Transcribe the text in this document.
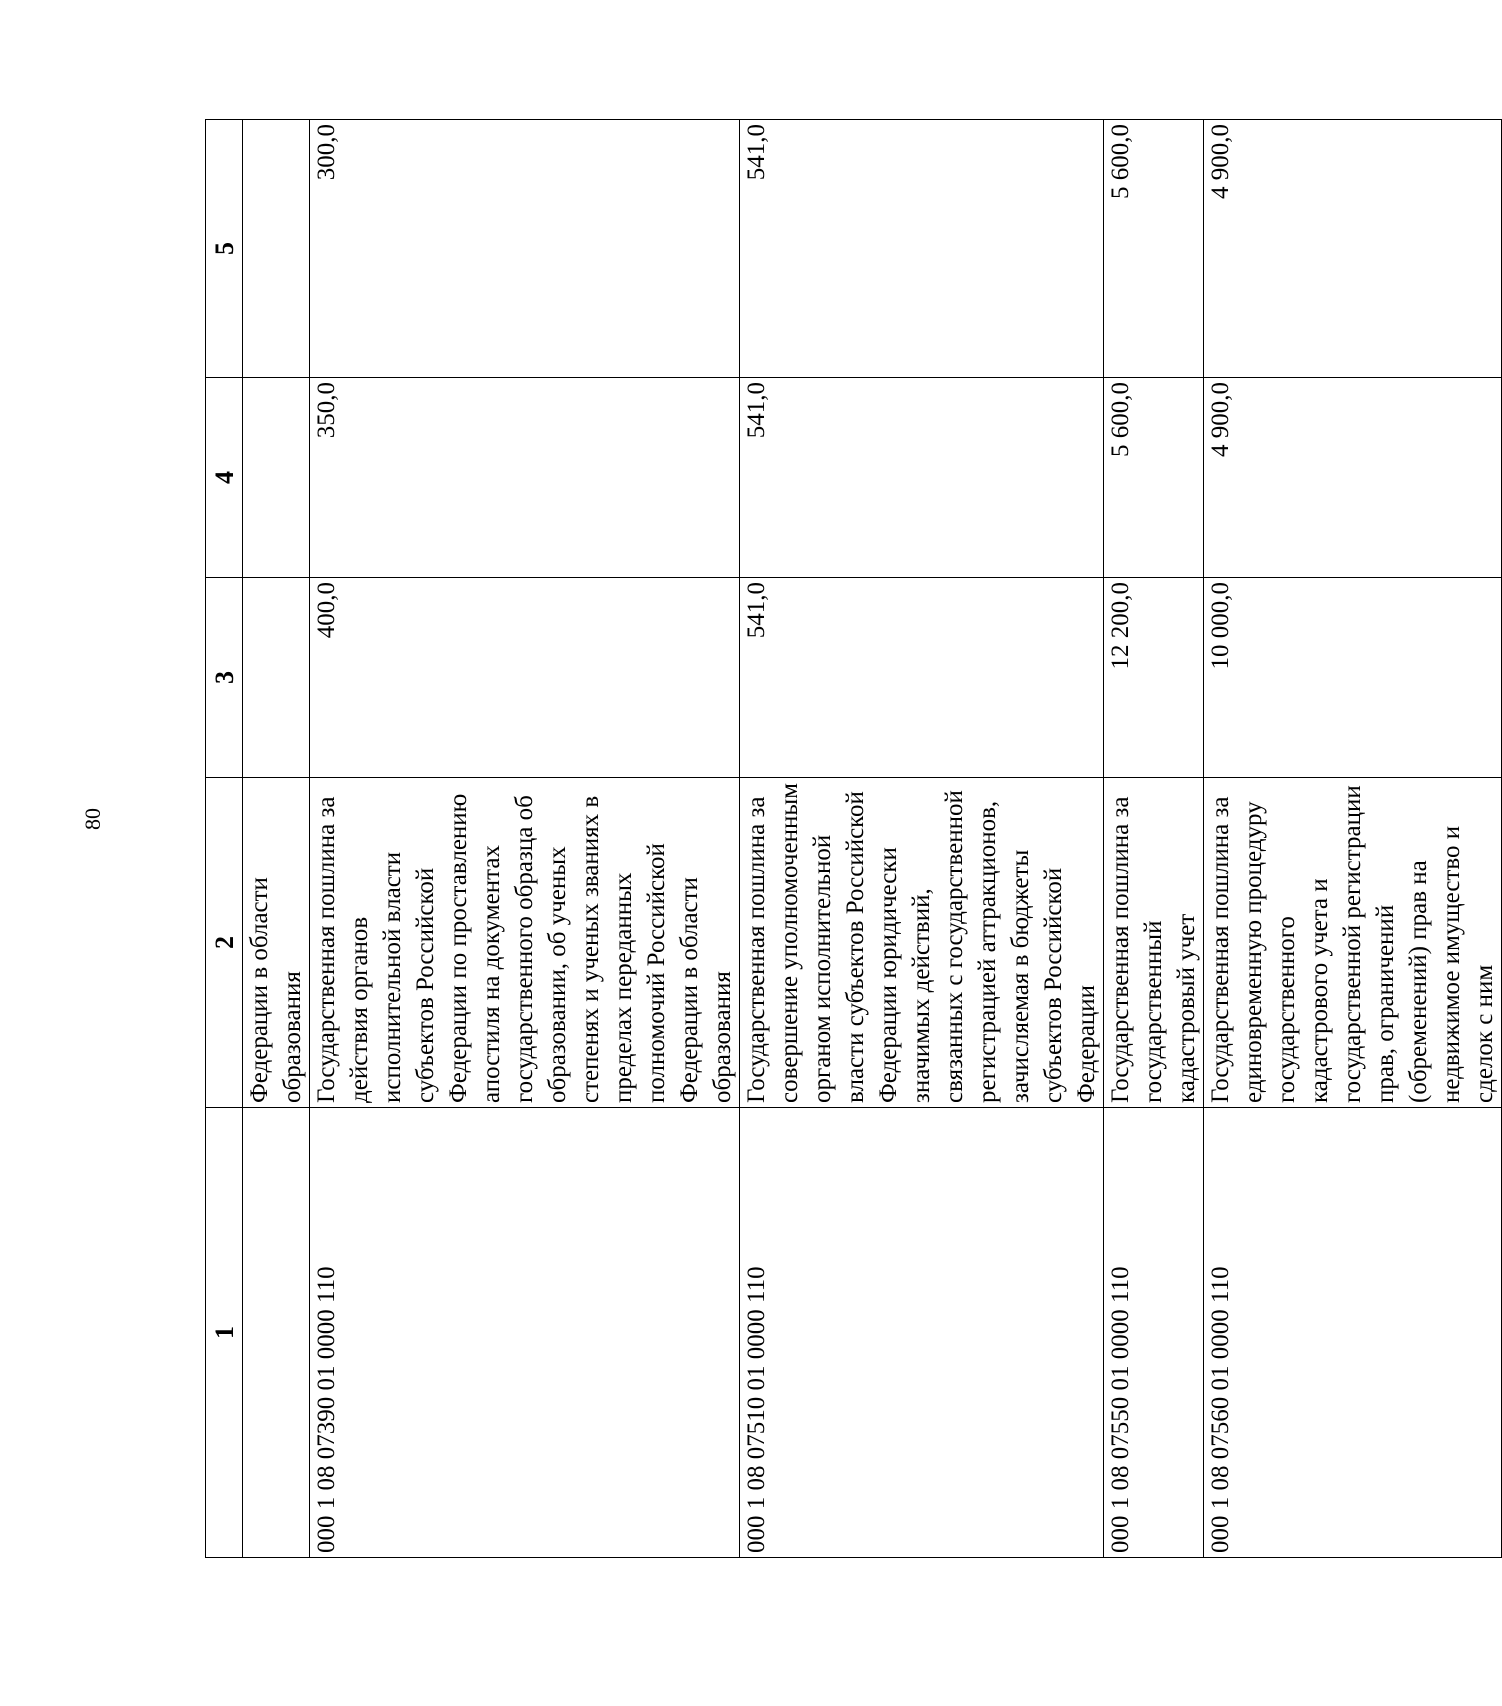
80
1	2	3	4	5
	Федерации в области образования			
000 1 08 07390 01 0000 110	Государственная пошлина за действия органов исполнительной власти субъектов Российской Федерации по проставлению апостиля на документах государственного образца об образовании, об ученых степенях и ученых званиях в пределах переданных полномочий Российской Федерации в области образования	400,0	350,0	300,0
000 1 08 07510 01 0000 110	Государственная пошлина за совершение уполномоченным органом исполнительной власти субъектов Российской Федерации юридически значимых действий, связанных с государственной регистрацией аттракционов, зачисляемая в бюджеты субъектов Российской Федерации	541,0	541,0	541,0
000 1 08 07550 01 0000 110	Государственная пошлина за государственный кадастровый учет	12 200,0	5 600,0	5 600,0
000 1 08 07560 01 0000 110	Государственная пошлина за единовременную процедуру государственного кадастрового учета и государственной регистрации прав, ограничений (обременений) прав на недвижимое имущество и сделок с ним	10 000,0	4 900,0	4 900,0
